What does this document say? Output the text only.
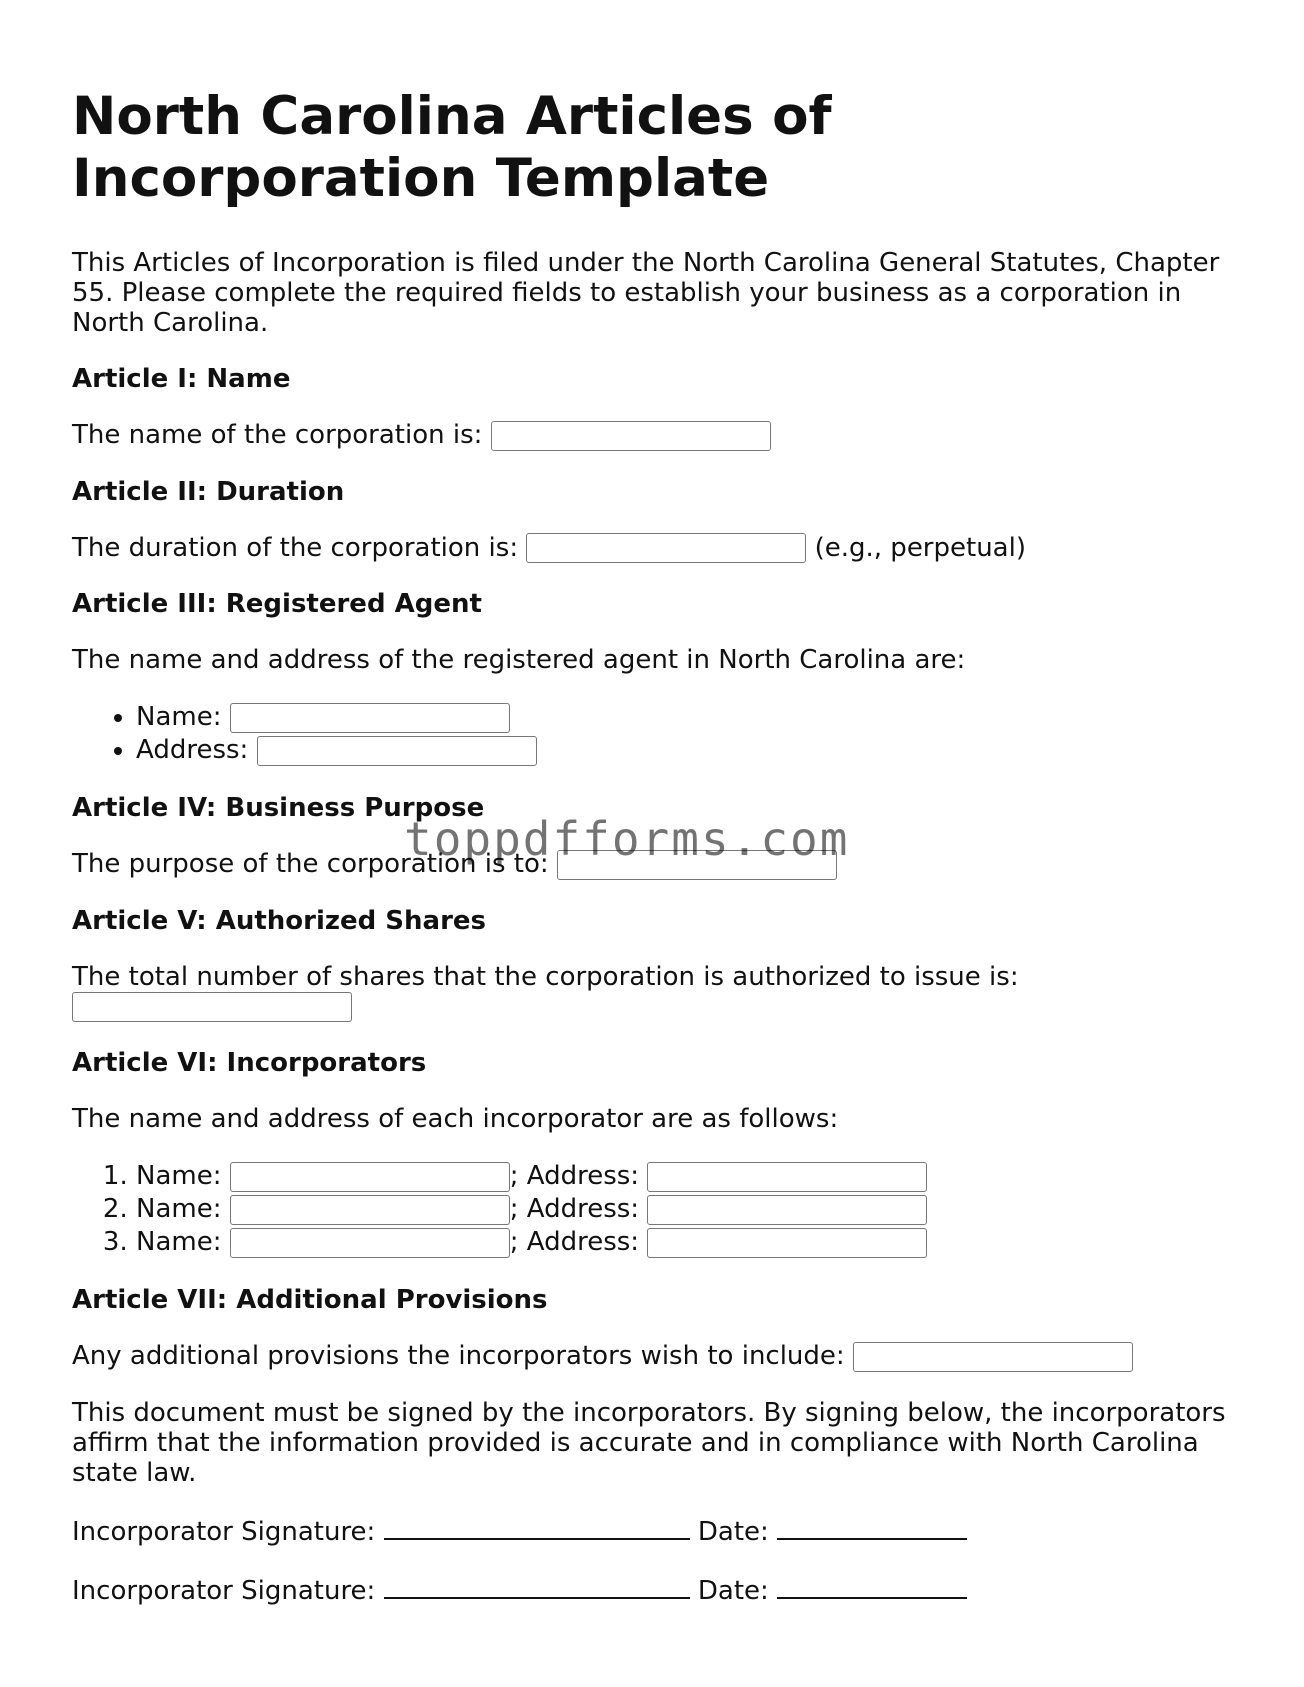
North Carolina Articles of Incorporation Template

This Articles of Incorporation is filed under the North Carolina General Statutes, Chapter 55. Please complete the required fields to establish your business as a corporation in North Carolina.

Article I: Name
The name of the corporation is:
Article II: Duration
The duration of the corporation is:	(e.g., perpetual)
Article III: Registered Agent

The name and address of the registered agent in North Carolina are:

• Name:
• Address:
Article IV: Business Purpose
The purpose of the corporation is to:
Article V: Authorized Shares
The total number of shares that the corporation is authorized to issue is:

Article VI: Incorporators

The name and address of each incorporator are as follows:

1. Name:	; Address:
2. Name:	; Address:
3. Name:	; Address:
Article VII: Additional Provisions
Any additional provisions the incorporators wish to include:

This document must be signed by the incorporators. By signing below, the incorporators affirm that the information provided is accurate and in compliance with North Carolina state law.

Incorporator Signature:	Date:
Incorporator Signature:	Date:
toppdfforms.com
